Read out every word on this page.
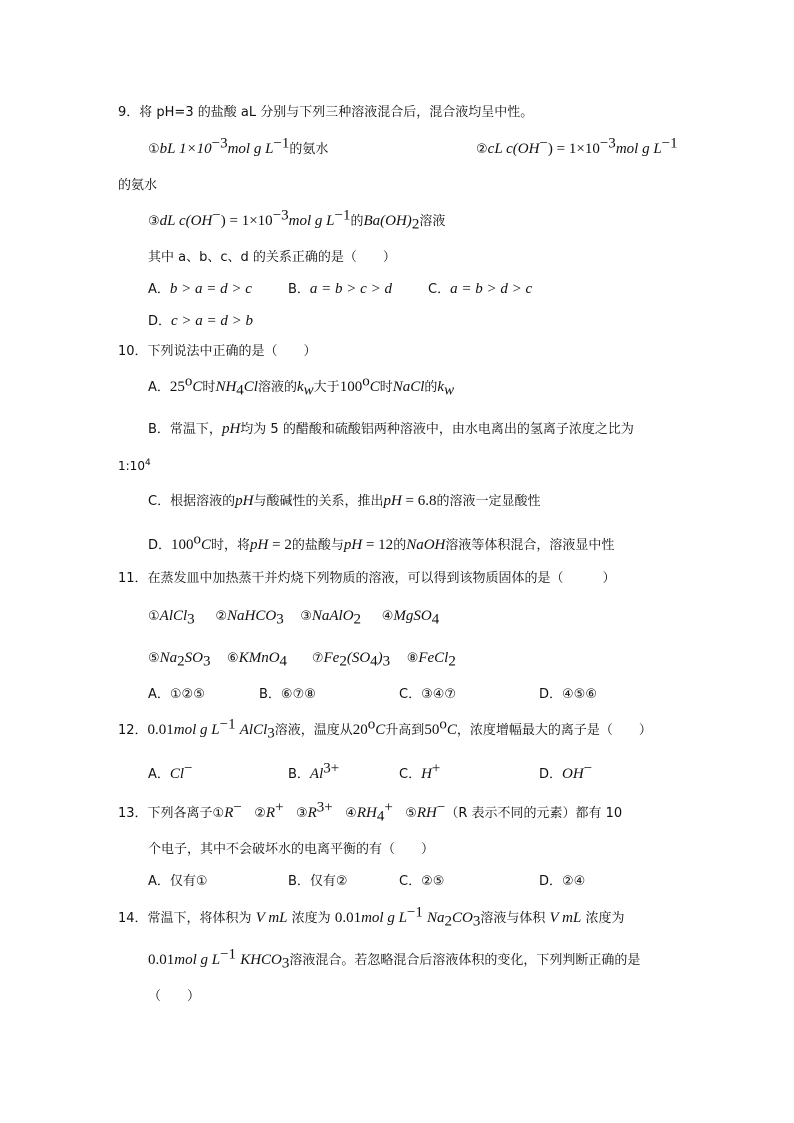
9．将 pH=3 的盐酸 aL 分别与下列三种溶液混合后，混合液均呈中性。
①bL $1\times 10^{-3}mol$ g $L^{-1}$的氨水	②cL $c(OH^-) = 1\times 10^{-3}mol$ g $L^{-1}$
的氨水
③dL $c(OH^-) = 1\times 10^{-3}mol$ g $L^{-1}$的$Ba(OH)_2$溶液
其中 a、b、c、d 的关系正确的是（　　）
A．b > a = d > c	B．a = b > c > d	C．a = b > d > c
D．c > a = d > b
10．下列说法中正确的是（　　）
A．25$^o$C时$NH_4Cl$溶液的$k_w$大于100$^o$C时NaCl的$k_w$
B．常温下，pH均为 5 的醋酸和硫酸铝两种溶液中，由水电离出的氢离子浓度之比为
$1:10^4$
C．根据溶液的pH与酸碱性的关系，推出pH = 6.8的溶液一定显酸性
D．100$^o$C时，将pH = 2的盐酸与pH = 12的NaOH溶液等体积混合，溶液显中性
11．在蒸发皿中加热蒸干并灼烧下列物质的溶液，可以得到该物质固体的是（　　　）
①AlCl$_3$ ②NaHCO$_3$ ③NaAlO$_2$ ④MgSO$_4$
$⑤Na_2SO_3$ ⑥KMnO$_4$ $⑦Fe_2(SO_4)_3$ ⑧FeCl$_2$
A．①②⑤	B．⑥⑦⑧	C．③④⑦	D．④⑤⑥
12．0.01mol g $L^{-1}$ AlCl$_3$溶液，温度从20$^o$C升高到50$^o$C，浓度增幅最大的离子是（　　）
A．Cl−	B．$Al^{3+}$	C．H+	D．OH−
13．下列各离子①R− ②R+ $③R^{3+}$ $④RH_4^+$ ⑤RH−（R 表示不同的元素）都有 10
个电子，其中不会破坏水的电离平衡的有（　　）
A．仅有①	B．仅有②	C．②⑤	D．②④
14．常温下，将体积为 V mL 浓度为 0.01mol g $L^{-1}$ $Na_2CO_3$溶液与体积 V mL 浓度为
0.01mol g $L^{-1}$ $KHCO_3$溶液混合。若忽略混合后溶液体积的变化，下列判断正确的是
（　　）
